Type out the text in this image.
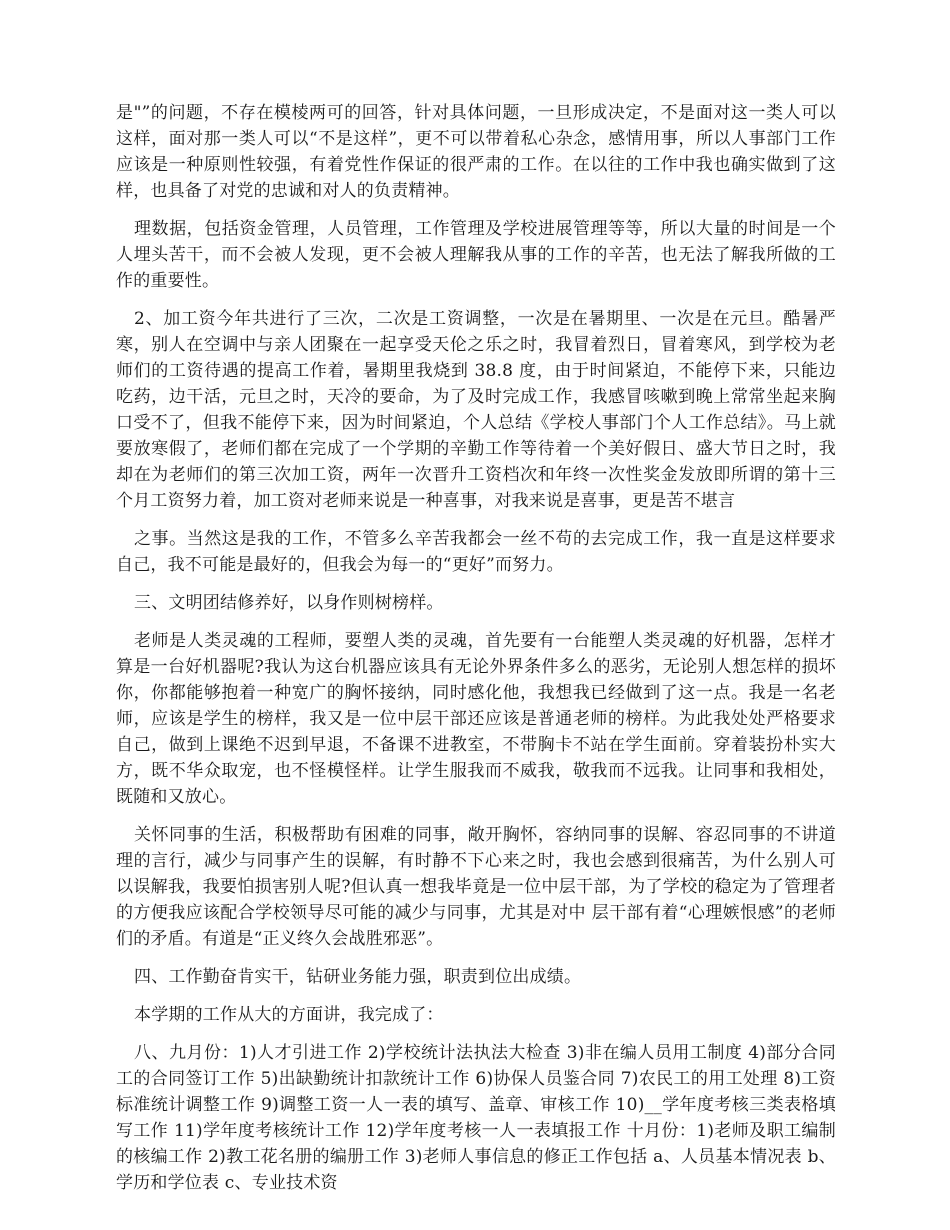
是"”的问题，不存在模棱两可的回答，针对具体问题，一旦形成决定，不是面对这一类人可以这样，面对那一类人可以“不是这样”，更不可以带着私心杂念，感情用事，所以人事部门工作应该是一种原则性较强，有着党性作保证的很严肃的工作。在以往的工作中我也确实做到了这样，也具备了对党的忠诚和对人的负责精神。

理数据，包括资金管理，人员管理，工作管理及学校进展管理等等，所以大量的时间是一个人埋头苦干，而不会被人发现，更不会被人理解我从事的工作的辛苦，也无法了解我所做的工作的重要性。

2、加工资今年共进行了三次，二次是工资调整，一次是在暑期里、一次是在元旦。酷暑严寒，别人在空调中与亲人团聚在一起享受天伦之乐之时，我冒着烈日，冒着寒风，到学校为老师们的工资待遇的提高工作着，暑期里我烧到 38.8 度，由于时间紧迫，不能停下来，只能边吃药，边干活，元旦之时，天冷的要命，为了及时完成工作，我感冒咳嗽到晚上常常坐起来胸口受不了，但我不能停下来，因为时间紧迫，个人总结《学校人事部门个人工作总结》。马上就要放寒假了，老师们都在完成了一个学期的辛勤工作等待着一个美好假日、盛大节日之时，我却在为老师们的第三次加工资，两年一次晋升工资档次和年终一次性奖金发放即所谓的第十三个月工资努力着，加工资对老师来说是一种喜事，对我来说是喜事，更是苦不堪言

之事。当然这是我的工作，不管多么辛苦我都会一丝不苟的去完成工作，我一直是这样要求自己，我不可能是最好的，但我会为每一的“更好”而努力。

三、文明团结修养好，以身作则树榜样。

老师是人类灵魂的工程师，要塑人类的灵魂，首先要有一台能塑人类灵魂的好机器，怎样才算是一台好机器呢?我认为这台机器应该具有无论外界条件多么的恶劣，无论别人想怎样的损坏你，你都能够抱着一种宽广的胸怀接纳，同时感化他，我想我已经做到了这一点。我是一名老师，应该是学生的榜样，我又是一位中层干部还应该是普通老师的榜样。为此我处处严格要求自己，做到上课绝不迟到早退，不备课不进教室，不带胸卡不站在学生面前。穿着装扮朴实大方，既不华众取宠，也不怪模怪样。让学生服我而不威我，敬我而不远我。让同事和我相处，既随和又放心。

关怀同事的生活，积极帮助有困难的同事，敞开胸怀，容纳同事的误解、容忍同事的不讲道理的言行，减少与同事产生的误解，有时静不下心来之时，我也会感到很痛苦，为什么别人可以误解我，我要怕损害别人呢?但认真一想我毕竟是一位中层干部，为了学校的稳定为了管理者的方便我应该配合学校领导尽可能的减少与同事，尤其是对中 层干部有着“心理嫉恨感”的老师们的矛盾。有道是“正义终久会战胜邪恶”。

四、工作勤奋肯实干，钻研业务能力强，职责到位出成绩。

本学期的工作从大的方面讲，我完成了：

八、九月份：1)人才引进工作 2)学校统计法执法大检查 3)非在编人员用工制度 4)部分合同工的合同签订工作 5)出缺勤统计扣款统计工作 6)协保人员鉴合同 7)农民工的用工处理 8)工资标准统计调整工作 9)调整工资一人一表的填写、盖章、审核工作 10)__学年度考核三类表格填写工作 11)学年度考核统计工作 12)学年度考核一人一表填报工作 十月份：1)老师及职工编制的核编工作 2)教工花名册的编册工作 3)老师人事信息的修正工作包括 a、人员基本情况表 b、学历和学位表 c、专业技术资
